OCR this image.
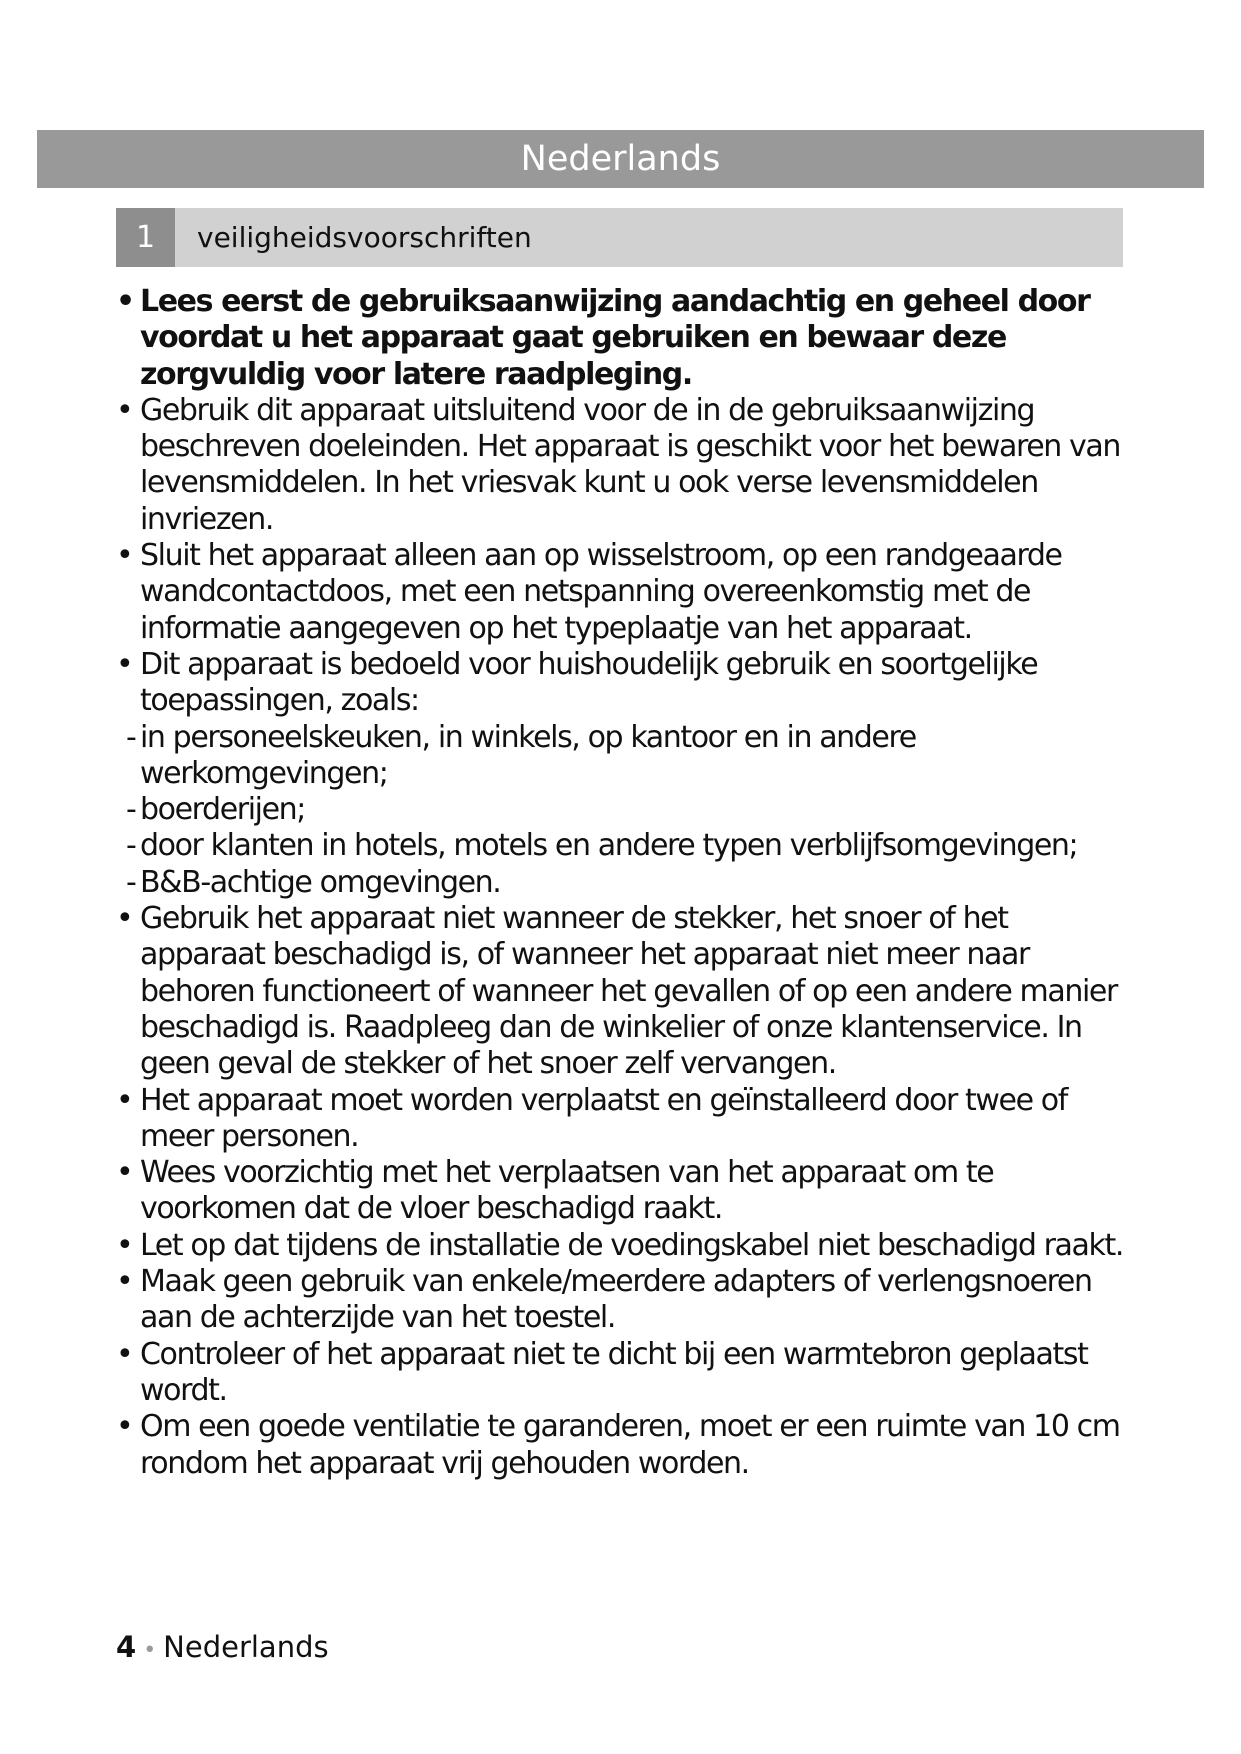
Nederlands
1	veiligheidsvoorschriften
• Lees eerst de gebruiksaanwijzing aandachtig en geheel door voordat u het apparaat gaat gebruiken en bewaar deze zorgvuldig voor latere raadpleging.
• Gebruik dit apparaat uitsluitend voor de in de gebruiksaanwijzing beschreven doeleinden. Het apparaat is geschikt voor het bewaren van levensmiddelen. In het vriesvak kunt u ook verse levensmiddelen invriezen.
• Sluit het apparaat alleen aan op wisselstroom, op een randgeaarde wandcontactdoos, met een netspanning overeenkomstig met de informatie aangegeven op het typeplaatje van het apparaat.
• Dit apparaat is bedoeld voor huishoudelijk gebruik en soortgelijke toepassingen, zoals:
- in personeelskeuken, in winkels, op kantoor en in andere werkomgevingen;
- boerderijen;
- door klanten in hotels, motels en andere typen verblijfsomgevingen;
- B&B-achtige omgevingen.
• Gebruik het apparaat niet wanneer de stekker, het snoer of het apparaat beschadigd is, of wanneer het apparaat niet meer naar behoren functioneert of wanneer het gevallen of op een andere manier beschadigd is. Raadpleeg dan de winkelier of onze klantenservice. In geen geval de stekker of het snoer zelf vervangen.
• Het apparaat moet worden verplaatst en geïnstalleerd door twee of meer personen.
• Wees voorzichtig met het verplaatsen van het apparaat om te voorkomen dat de vloer beschadigd raakt.
• Let op dat tijdens de installatie de voedingskabel niet beschadigd raakt.
• Maak geen gebruik van enkele/meerdere adapters of verlengsnoeren aan de achterzijde van het toestel.
• Controleer of het apparaat niet te dicht bij een warmtebron geplaatst wordt.
• Om een goede ventilatie te garanderen, moet er een ruimte van 10 cm rondom het apparaat vrij gehouden worden.
4 • Nederlands
